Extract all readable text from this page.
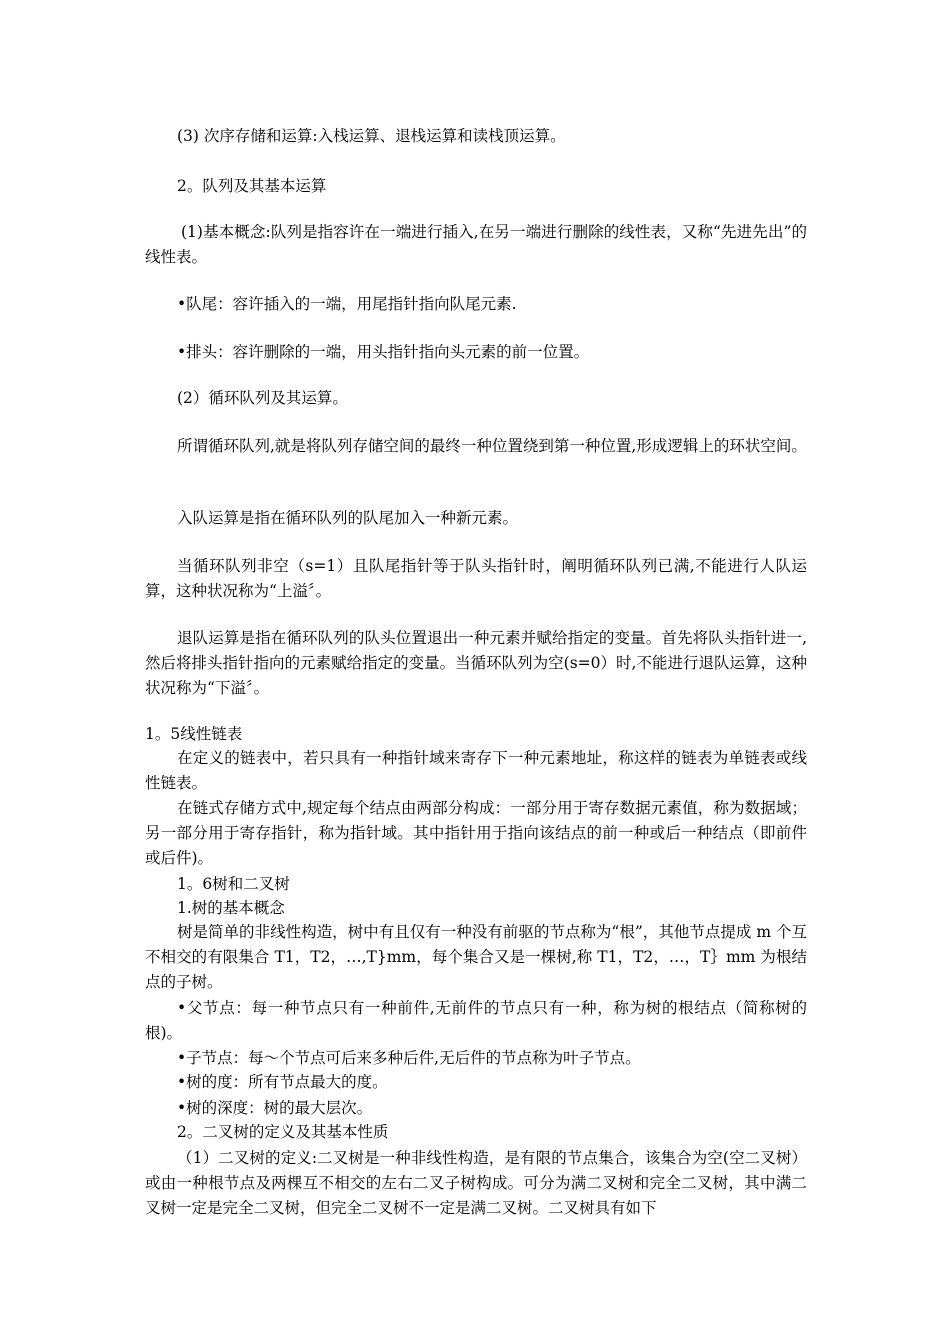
(3) 次序存储和运算:入栈运算、退栈运算和读栈顶运算。

2。队列及其基本运算

(1)基本概念:队列是指容许在一端进行插入,在另一端进行删除的线性表，又称“先进先出”的线性表。

•队尾：容许插入的一端，用尾指针指向队尾元素.

•排头：容许删除的一端，用头指针指向头元素的前一位置。

(2）循环队列及其运算。

所谓循环队列,就是将队列存储空间的最终一种位置绕到第一种位置,形成逻辑上的环状空间。

入队运算是指在循环队列的队尾加入一种新元素。

当循环队列非空（s=1）且队尾指针等于队头指针时，阐明循环队列已满,不能进行人队运算，这种状况称为“上溢〞。

退队运算是指在循环队列的队头位置退出一种元素并赋给指定的变量。首先将队头指针进一,然后将排头指针指向的元素赋给指定的变量。当循环队列为空(s=0）时,不能进行退队运算，这种状况称为“下溢〞。

1。5线性链表

在定义的链表中，若只具有一种指针域来寄存下一种元素地址，称这样的链表为单链表或线性链表。

在链式存储方式中,规定每个结点由两部分构成：一部分用于寄存数据元素值，称为数据域；另一部分用于寄存指针，称为指针域。其中指针用于指向该结点的前一种或后一种结点（即前件或后件)。

1。6树和二叉树

1.树的基本概念

树是简单的非线性构造，树中有且仅有一种没有前驱的节点称为“根”，其他节点提成 m 个互不相交的有限集合 T1，T2，…,T}mm，每个集合又是一棵树,称 T1，T2，…，T｝mm 为根结点的子树。

•父节点：每一种节点只有一种前件,无前件的节点只有一种，称为树的根结点（简称树的根)。

•子节点：每～个节点可后来多种后件,无后件的节点称为叶子节点。

•树的度：所有节点最大的度。

•树的深度：树的最大层次。

2。二叉树的定义及其基本性质

（1）二叉树的定义:二叉树是一种非线性构造，是有限的节点集合，该集合为空(空二叉树）或由一种根节点及两棵互不相交的左右二叉子树构成。可分为满二叉树和完全二叉树，其中满二叉树一定是完全二叉树，但完全二叉树不一定是满二叉树。二叉树具有如下
